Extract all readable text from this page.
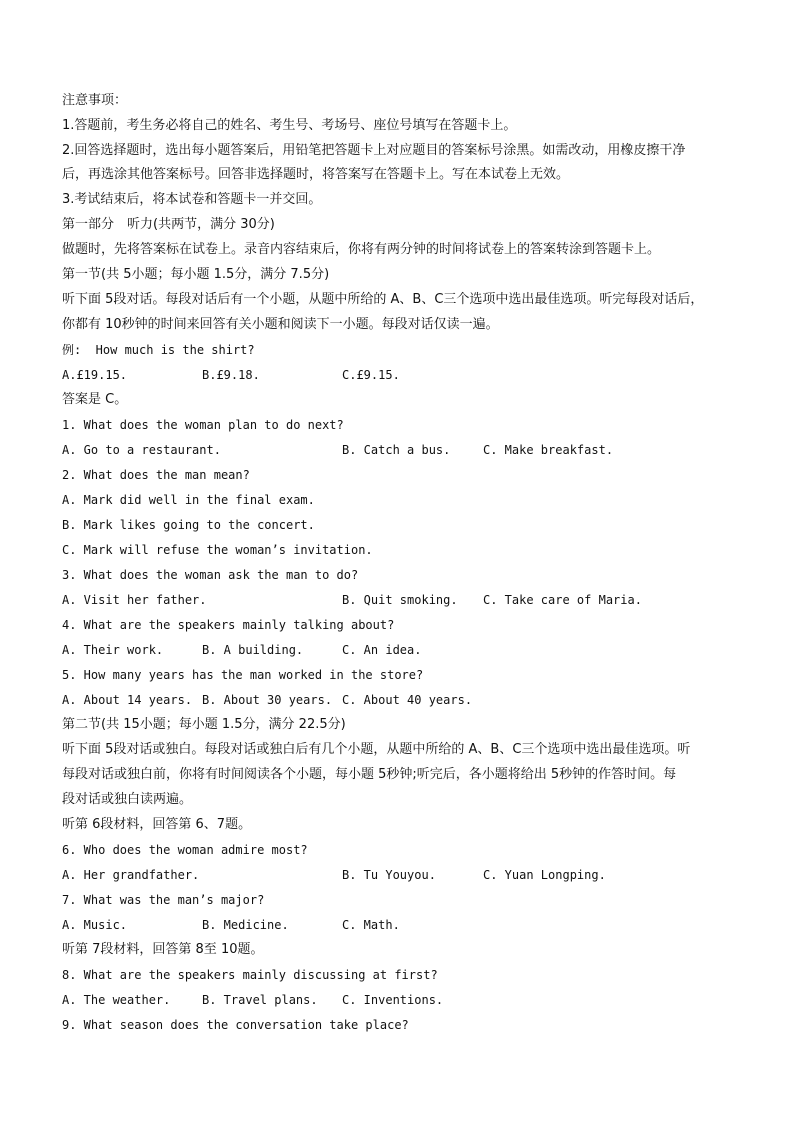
注意事项：
1.答题前，考生务必将自己的姓名、考生号、考场号、座位号填写在答题卡上。
2.回答选择题时，选出每小题答案后，用铅笔把答题卡上对应题目的答案标号涂黑。如需改动，用橡皮擦干净
后，再选涂其他答案标号。回答非选择题时，将答案写在答题卡上。写在本试卷上无效。
3.考试结束后，将本试卷和答题卡一并交回。
第一部分　听力(共两节，满分 30分)
做题时，先将答案标在试卷上。录音内容结束后，你将有两分钟的时间将试卷上的答案转涂到答题卡上。
第一节(共 5小题；每小题 1.5分，满分 7.5分)
听下面 5段对话。每段对话后有一个小题，从题中所给的 A、B、C三个选项中选出最佳选项。听完每段对话后，
你都有 10秒钟的时间来回答有关小题和阅读下一小题。每段对话仅读一遍。
例:  How much is the shirt?
A.£19.15.	B.£9.18.	C.£9.15.
答案是 C。
1. What does the woman plan to do next?
A. Go to a restaurant.	B. Catch a bus.	C. Make breakfast.
2. What does the man mean?
A. Mark did well in the final exam.
B. Mark likes going to the concert.
C. Mark will refuse the woman’s invitation.
3. What does the woman ask the man to do?
A. Visit her father.	B. Quit smoking. C. Take care of Maria.
4. What are the speakers mainly talking about?
A. Their work.	B. A building.	C. An idea.
5. How many years has the man worked in the store?
A. About 14 years. B. About 30 years. C. About 40 years.
第二节(共 15小题；每小题 1.5分，满分 22.5分)
听下面 5段对话或独白。每段对话或独白后有几个小题，从题中所给的 A、B、C三个选项中选出最佳选项。听
每段对话或独白前，你将有时间阅读各个小题，每小题 5秒钟;听完后，各小题将给出 5秒钟的作答时间。每
段对话或独白读两遍。
听第 6段材料，回答第 6、7题。
6. Who does the woman admire most?
A. Her grandfather.	B. Tu Youyou.	C. Yuan Longping.
7. What was the man’s major?
A. Music.	B. Medicine.	C. Math.
听第 7段材料，回答第 8至 10题。
8. What are the speakers mainly discussing at first?
A. The weather.	B. Travel plans. C. Inventions.
9. What season does the conversation take place?
